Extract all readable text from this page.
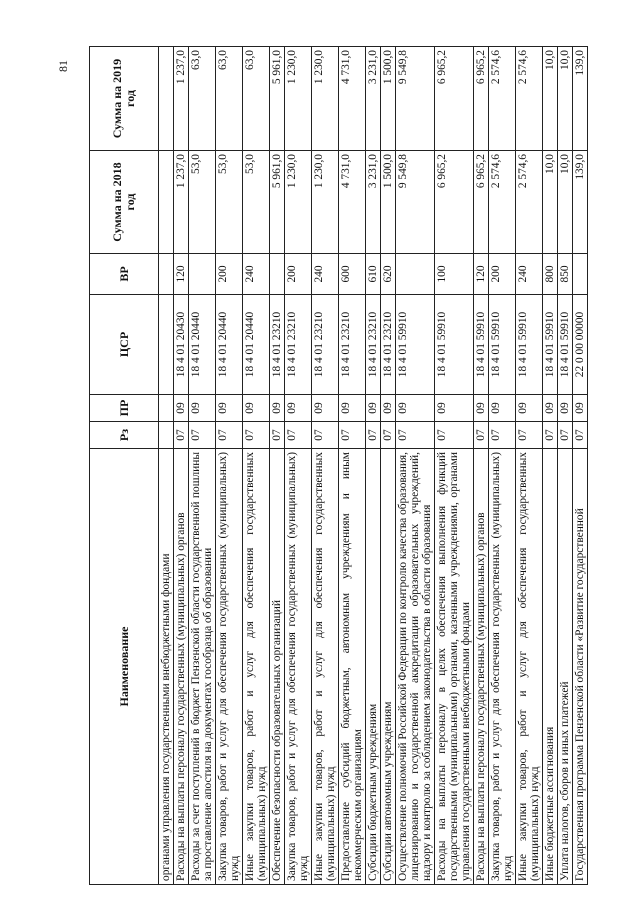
81
Наименование	Рз	ПР	ЦСР	ВР	Сумма на 2018 год	Сумма на 2019 год
органами управления государственными внебюджетными фондами						
Расходы на выплаты персоналу государственных (муниципальных) органов	07	09	18 4 01 20430	120	1 237,0	1 237,0
Расходы за счет поступлений в бюджет Пензенской области государственной пошлины за проставление апостиля на документах гособразца об образовании	07	09	18 4 01 20440		53,0	63,0
Закупка товаров, работ и услуг для обеспечения государственных (муниципальных) нужд	07	09	18 4 01 20440	200	53,0	63,0
Иные закупки товаров, работ и услуг для обеспечения государственных (муниципальных) нужд	07	09	18 4 01 20440	240	53,0	63,0
Обеспечение безопасности образовательных организаций	07	09	18 4 01 23210		5 961,0	5 961,0
Закупка товаров, работ и услуг для обеспечения государственных (муниципальных) нужд	07	09	18 4 01 23210	200	1 230,0	1 230,0
Иные закупки товаров, работ и услуг для обеспечения государственных (муниципальных) нужд	07	09	18 4 01 23210	240	1 230,0	1 230,0
Предоставление субсидий бюджетным, автономным учреждениям и иным некоммерческим организациям	07	09	18 4 01 23210	600	4 731,0	4 731,0
Субсидии бюджетным учреждениям	07	09	18 4 01 23210	610	3 231,0	3 231,0
Субсидии автономным учреждениям	07	09	18 4 01 23210	620	1 500,0	1 500,0
Осуществление полномочий Российской Федерации по контролю качества образования, лицензированию и государственной аккредитации образовательных учреждений, надзору и контролю за соблюдением законодательства в области образования	07	09	18 4 01 59910		9 549,8	9 549,8
Расходы на выплаты персоналу в целях обеспечения выполнения функций государственными (муниципальными) органами, казенными учреждениями, органами управления государственными внебюджетными фондами	07	09	18 4 01 59910	100	6 965,2	6 965,2
Расходы на выплаты персоналу государственных (муниципальных) органов	07	09	18 4 01 59910	120	6 965,2	6 965,2
Закупка товаров, работ и услуг для обеспечения государственных (муниципальных) нужд	07	09	18 4 01 59910	200	2 574,6	2 574,6
Иные закупки товаров, работ и услуг для обеспечения государственных (муниципальных) нужд	07	09	18 4 01 59910	240	2 574,6	2 574,6
Иные бюджетные ассигнования	07	09	18 4 01 59910	800	10,0	10,0
Уплата налогов, сборов и иных платежей	07	09	18 4 01 59910	850	10,0	10,0
Государственная программа Пензенской области «Развитие государственной	07	09	22 0 00 00000		139,0	139,0
